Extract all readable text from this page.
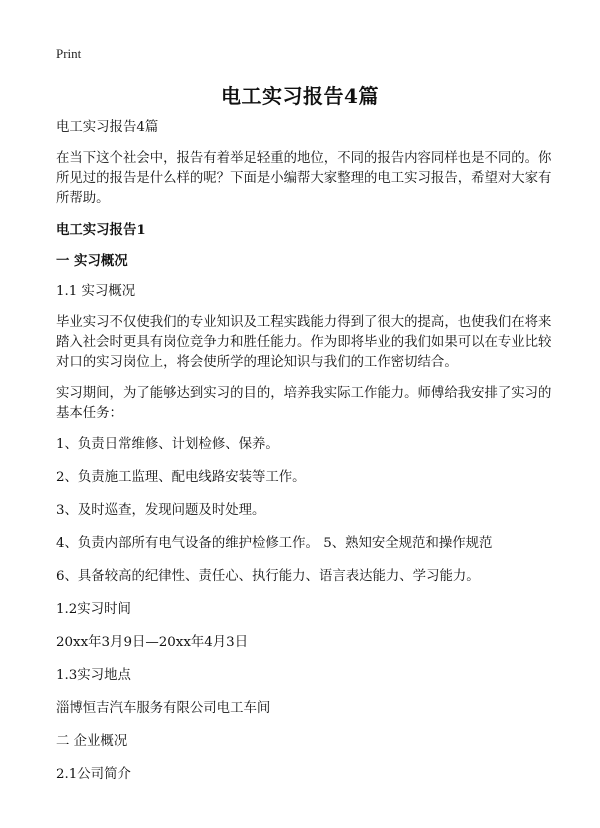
Print
电工实习报告4篇

电工实习报告4篇

在当下这个社会中，报告有着举足轻重的地位，不同的报告内容同样也是不同的。你所见过的报告是什么样的呢？下面是小编帮大家整理的电工实习报告，希望对大家有所帮助。

电工实习报告1

一 实习概况

1.1 实习概况

毕业实习不仅使我们的专业知识及工程实践能力得到了很大的提高，也使我们在将来踏入社会时更具有岗位竞争力和胜任能力。作为即将毕业的我们如果可以在专业比较对口的实习岗位上，将会使所学的理论知识与我们的工作密切结合。

实习期间，为了能够达到实习的目的，培养我实际工作能力。师傅给我安排了实习的基本任务：

1、负责日常维修、计划检修、保养。

2、负责施工监理、配电线路安装等工作。

3、及时巡查，发现问题及时处理。

4、负责内部所有电气设备的维护检修工作。 5、熟知安全规范和操作规范

6、具备较高的纪律性、责任心、执行能力、语言表达能力、学习能力。

1.2实习时间

20xx年3月9日—20xx年4月3日

1.3实习地点

淄博恒吉汽车服务有限公司电工车间

二 企业概况

2.1公司简介
